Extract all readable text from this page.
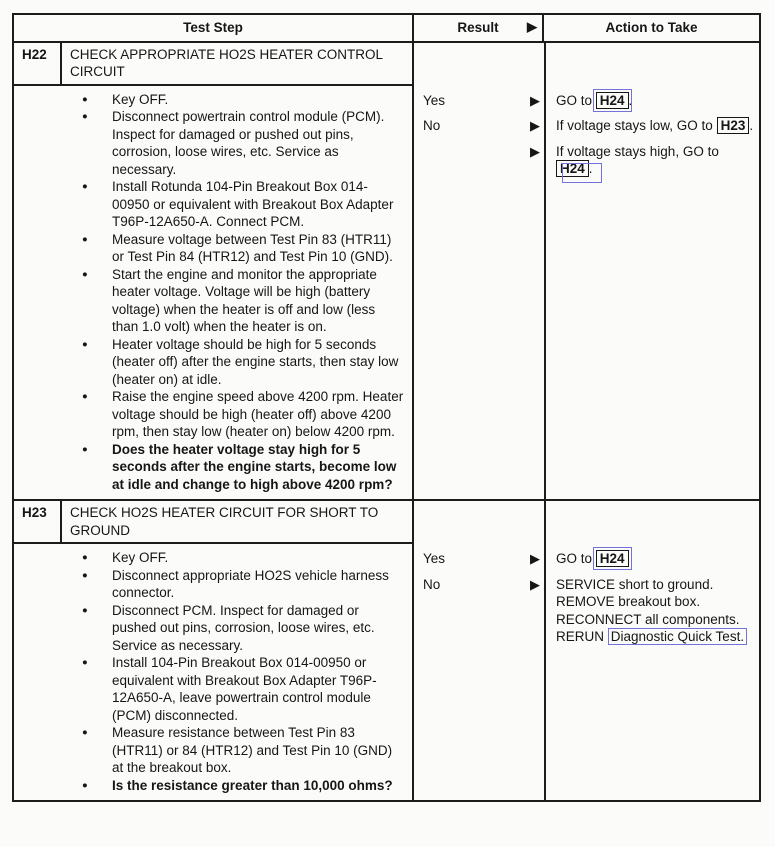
Test Step	Result ▶	Action to Take
H22	CHECK APPROPRIATE HO2S HEATER CONTROL CIRCUIT
● Key OFF.
● Disconnect powertrain control module (PCM). Inspect for damaged or pushed out pins, corrosion, loose wires, etc. Service as necessary.
● Install Rotunda 104-Pin Breakout Box 014-00950 or equivalent with Breakout Box Adapter T96P-12A650-A. Connect PCM.
● Measure voltage between Test Pin 83 (HTR11) or Test Pin 84 (HTR12) and Test Pin 10 (GND).
● Start the engine and monitor the appropriate heater voltage. Voltage will be high (battery voltage) when the heater is off and low (less than 1.0 volt) when the heater is on.
● Heater voltage should be high for 5 seconds (heater off) after the engine starts, then stay low (heater on) at idle.
● Raise the engine speed above 4200 rpm. Heater voltage should be high (heater off) above 4200 rpm, then stay low (heater on) below 4200 rpm.
● Does the heater voltage stay high for 5 seconds after the engine starts, become low at idle and change to high above 4200 rpm?
Yes	▶ GO to H24 .
No	▶ If voltage stays low, GO to H23 .
▶ If voltage stays high, GO to H24 .
H23	CHECK HO2S HEATER CIRCUIT FOR SHORT TO GROUND
● Key OFF.
● Disconnect appropriate HO2S vehicle harness connector.
● Disconnect PCM. Inspect for damaged or pushed out pins, corrosion, loose wires, etc. Service as necessary.
● Install 104-Pin Breakout Box 014-00950 or equivalent with Breakout Box Adapter T96P-12A650-A, leave powertrain control module (PCM) disconnected.
● Measure resistance between Test Pin 83 (HTR11) or 84 (HTR12) and Test Pin 10 (GND) at the breakout box.
● Is the resistance greater than 10,000 ohms?
Yes	▶ GO to H24
No	▶ SERVICE short to ground.
REMOVE breakout box.
RECONNECT all components.
RERUN Diagnostic Quick Test.
